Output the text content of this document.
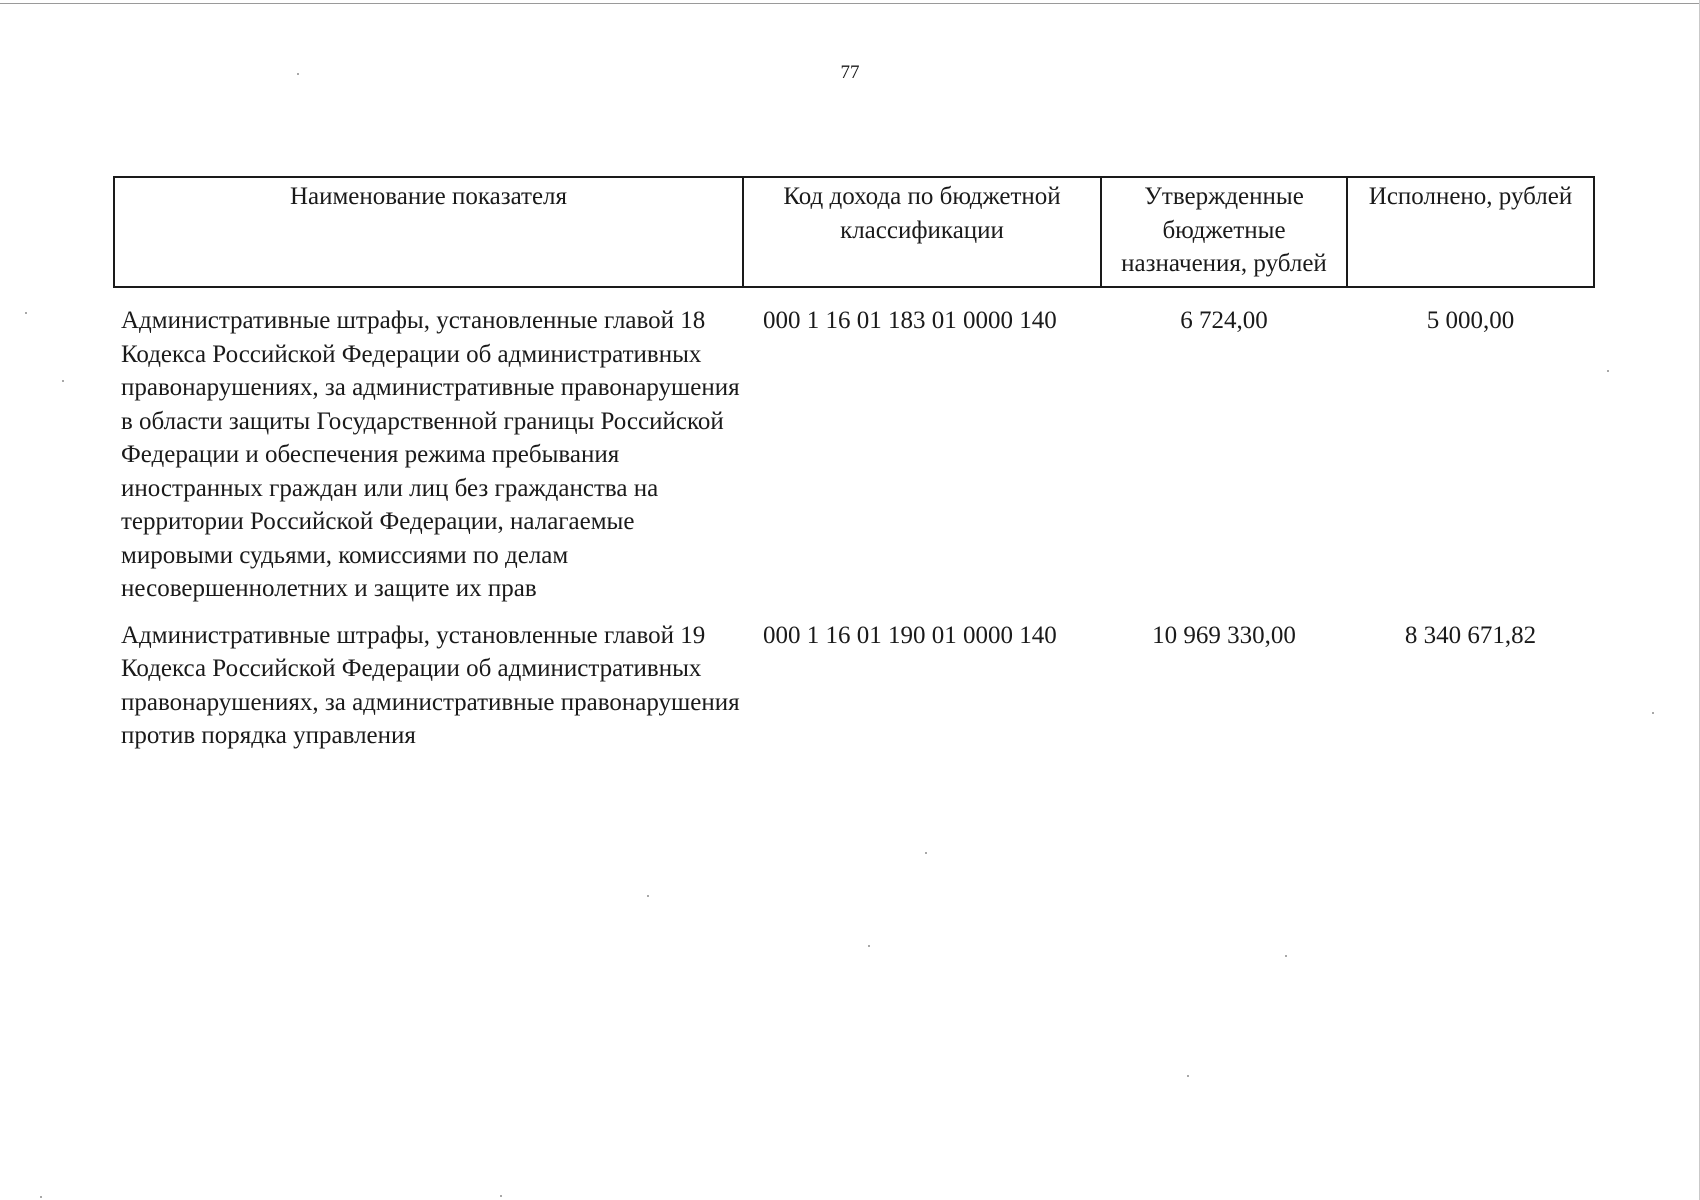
77
Наименование показателя	Код дохода по бюджетной классификации	Утвержденные бюджетные назначения, рублей	Исполнено, рублей
Административные штрафы, установленные главой 18 Кодекса Российской Федерации об административных правонарушениях, за административные правонарушения в области защиты Государственной границы Российской Федерации и обеспечения режима пребывания иностранных граждан или лиц без гражданства на территории Российской Федерации, налагаемые мировыми судьями, комиссиями по делам несовершеннолетних и защите их прав	000 1 16 01 183 01 0000 140	6 724,00	5 000,00
Административные штрафы, установленные главой 19 Кодекса Российской Федерации об административных правонарушениях, за административные правонарушения против порядка управления	000 1 16 01 190 01 0000 140	10 969 330,00	8 340 671,82
